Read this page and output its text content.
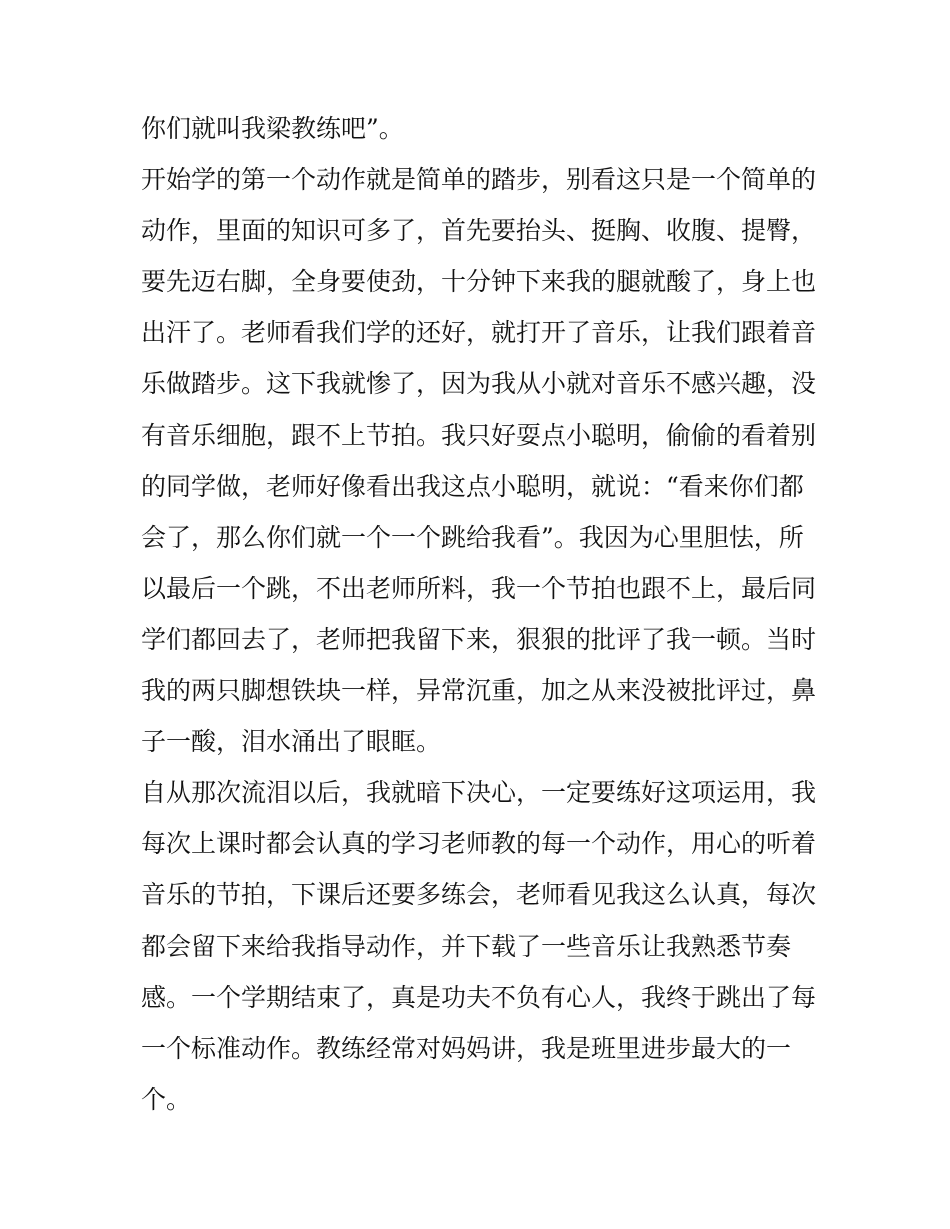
你们就叫我梁教练吧”。

开始学的第一个动作就是简单的踏步，别看这只是一个简单的

动作，里面的知识可多了，首先要抬头、挺胸、收腹、提臀，

要先迈右脚，全身要使劲，十分钟下来我的腿就酸了，身上也

出汗了。老师看我们学的还好，就打开了音乐，让我们跟着音

乐做踏步。这下我就惨了，因为我从小就对音乐不感兴趣，没

有音乐细胞，跟不上节拍。我只好耍点小聪明，偷偷的看着别

的同学做，老师好像看出我这点小聪明，就说：“看来你们都

会了，那么你们就一个一个跳给我看”。我因为心里胆怯，所

以最后一个跳，不出老师所料，我一个节拍也跟不上，最后同

学们都回去了，老师把我留下来，狠狠的批评了我一顿。当时

我的两只脚想铁块一样，异常沉重，加之从来没被批评过，鼻

子一酸，泪水涌出了眼眶。

自从那次流泪以后，我就暗下决心，一定要练好这项运用，我

每次上课时都会认真的学习老师教的每一个动作，用心的听着

音乐的节拍，下课后还要多练会，老师看见我这么认真，每次

都会留下来给我指导动作，并下载了一些音乐让我熟悉节奏

感。一个学期结束了，真是功夫不负有心人，我终于跳出了每

一个标准动作。教练经常对妈妈讲，我是班里进步最大的一

个。
